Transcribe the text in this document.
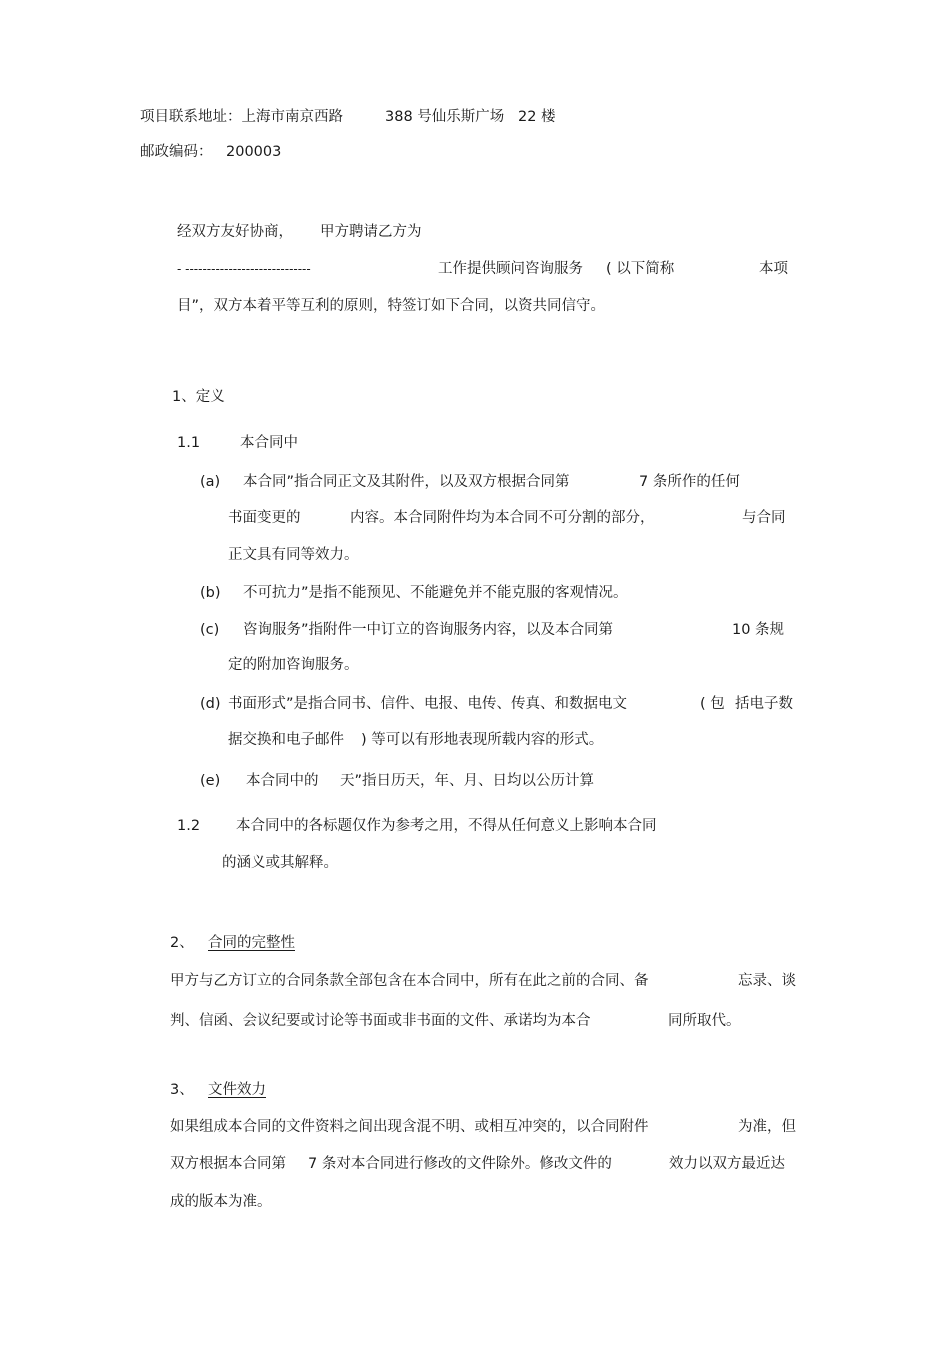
项目联系地址：上海市南京西路	388 号仙乐斯广场 22 楼
邮政编码： 200003
经双方友好协商， 甲方聘请乙方为
- -----------------------------	工作提供顾问咨询服务 ( 以下简称	本项
目”，双方本着平等互利的原则，特签订如下合同，以资共同信守。
1、定义
1.1	本合同中
(a) 本合同”指合同正文及其附件，以及双方根据合同第	7 条所作的任何
书面变更的	内容。本合同附件均为本合同不可分割的部分，	与合同
正文具有同等效力。
(b) 不可抗力”是指不能预见、不能避免并不能克服的客观情况。
(c) 咨询服务”指附件一中订立的咨询服务内容，以及本合同第	10 条规
定的附加咨询服务。
(d) 书面形式”是指合同书、信件、电报、电传、传真、和数据电文	( 包 括电子数
据交换和电子邮件 ) 等可以有形地表现所载内容的形式。
(e) 本合同中的 天”指日历天，年、月、日均以公历计算
1.2 本合同中的各标题仅作为参考之用，不得从任何意义上影响本合同
的涵义或其解释。
2、 合同的完整性
甲方与乙方订立的合同条款全部包含在本合同中，所有在此之前的合同、备	忘录、谈
判、信函、会议纪要或讨论等书面或非书面的文件、承诺均为本合	同所取代。
3、 文件效力
如果组成本合同的文件资料之间出现含混不明、或相互冲突的，以合同附件	为准，但
双方根据本合同第 7 条对本合同进行修改的文件除外。修改文件的	效力以双方最近达
成的版本为准。
